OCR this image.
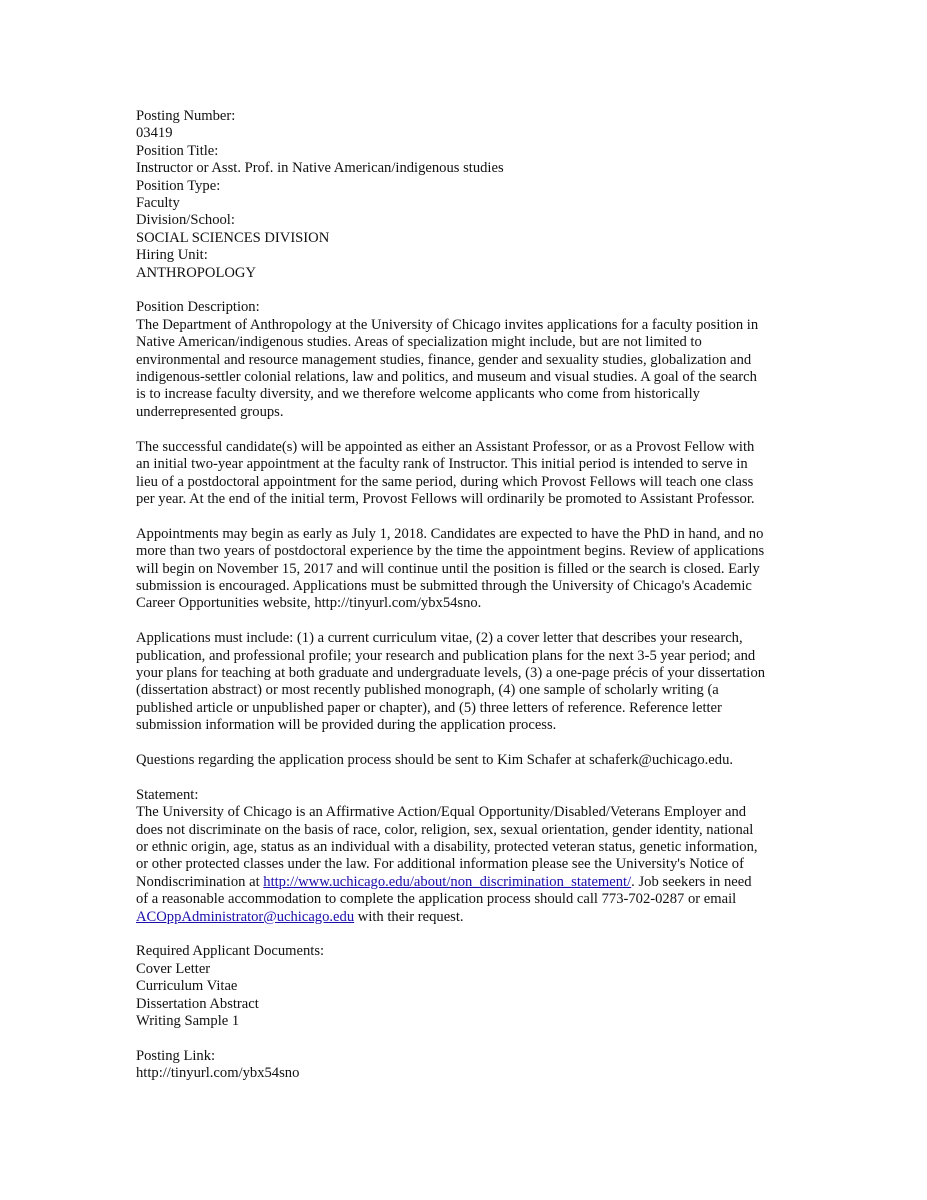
Posting Number:
03419
Position Title:
Instructor or Asst. Prof. in Native American/indigenous studies
Position Type:
Faculty
Division/School:
SOCIAL SCIENCES DIVISION
Hiring Unit:
ANTHROPOLOGY
Position Description:
The Department of Anthropology at the University of Chicago invites applications for a faculty position in
Native American/indigenous studies. Areas of specialization might include, but are not limited to
environmental and resource management studies, finance, gender and sexuality studies, globalization and
indigenous-settler colonial relations, law and politics, and museum and visual studies. A goal of the search
is to increase faculty diversity, and we therefore welcome applicants who come from historically
underrepresented groups.
The successful candidate(s) will be appointed as either an Assistant Professor, or as a Provost Fellow with
an initial two-year appointment at the faculty rank of Instructor. This initial period is intended to serve in
lieu of a postdoctoral appointment for the same period, during which Provost Fellows will teach one class
per year. At the end of the initial term, Provost Fellows will ordinarily be promoted to Assistant Professor.
Appointments may begin as early as July 1, 2018. Candidates are expected to have the PhD in hand, and no
more than two years of postdoctoral experience by the time the appointment begins. Review of applications
will begin on November 15, 2017 and will continue until the position is filled or the search is closed. Early
submission is encouraged. Applications must be submitted through the University of Chicago's Academic
Career Opportunities website, http://tinyurl.com/ybx54sno.
Applications must include: (1) a current curriculum vitae, (2) a cover letter that describes your research,
publication, and professional profile; your research and publication plans for the next 3-5 year period; and
your plans for teaching at both graduate and undergraduate levels, (3) a one-page précis of your dissertation
(dissertation abstract) or most recently published monograph, (4) one sample of scholarly writing (a
published article or unpublished paper or chapter), and (5) three letters of reference. Reference letter
submission information will be provided during the application process.
Questions regarding the application process should be sent to Kim Schafer at schaferk@uchicago.edu.
Statement:
The University of Chicago is an Affirmative Action/Equal Opportunity/Disabled/Veterans Employer and
does not discriminate on the basis of race, color, religion, sex, sexual orientation, gender identity, national
or ethnic origin, age, status as an individual with a disability, protected veteran status, genetic information,
or other protected classes under the law. For additional information please see the University's Notice of
Nondiscrimination at http://www.uchicago.edu/about/non_discrimination_statement/. Job seekers in need
of a reasonable accommodation to complete the application process should call 773-702-0287 or email
ACOppAdministrator@uchicago.edu with their request.
Required Applicant Documents:
Cover Letter
Curriculum Vitae
Dissertation Abstract
Writing Sample 1
Posting Link:
http://tinyurl.com/ybx54sno
